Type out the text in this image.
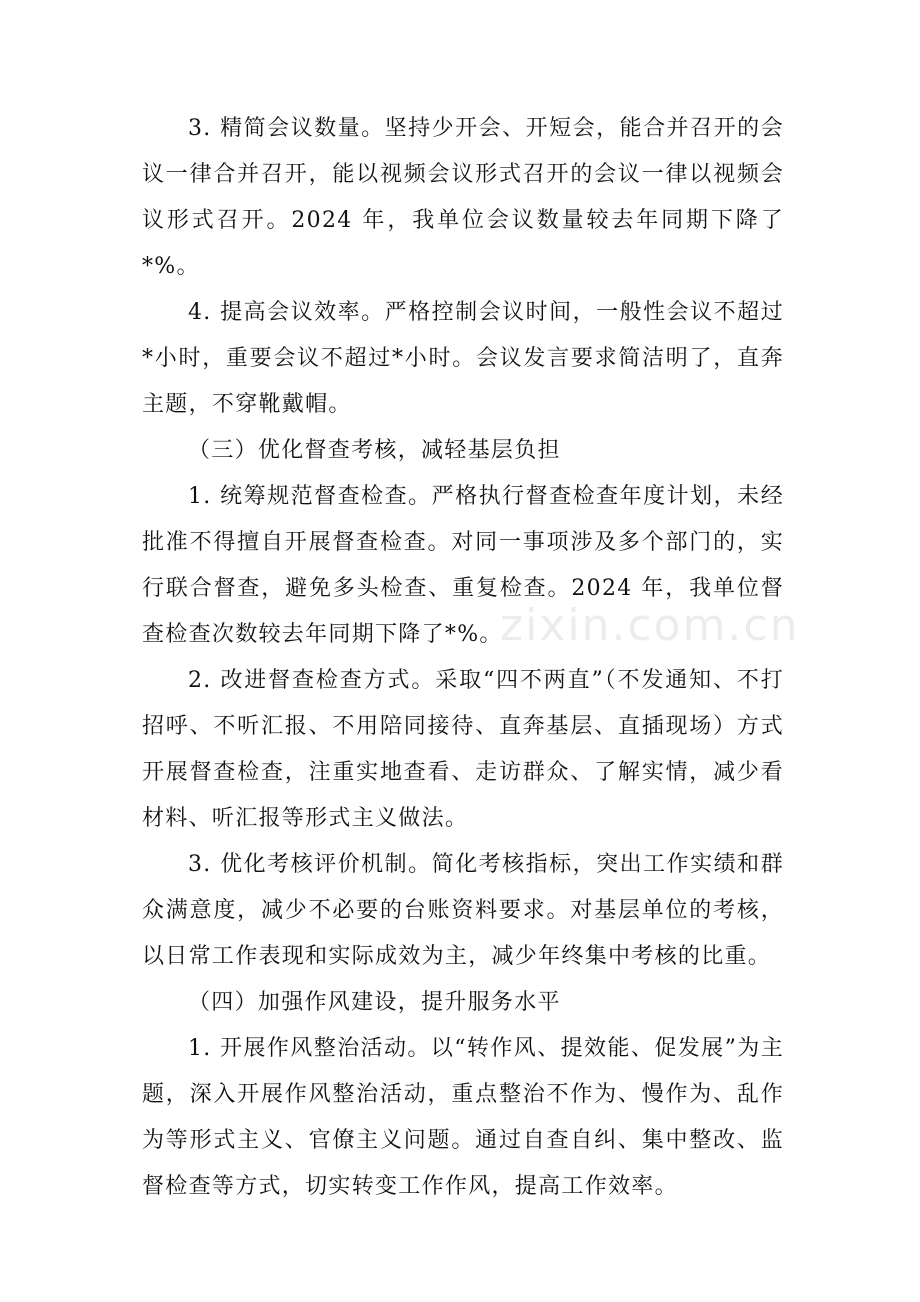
3. 精简会议数量。坚持少开会、开短会，能合并召开的会议一律合并召开，能以视频会议形式召开的会议一律以视频会议形式召开。2024 年，我单位会议数量较去年同期下降了*%。

4. 提高会议效率。严格控制会议时间，一般性会议不超过*小时，重要会议不超过*小时。会议发言要求简洁明了，直奔主题，不穿靴戴帽。

（三）优化督查考核，减轻基层负担

1. 统筹规范督查检查。严格执行督查检查年度计划，未经批准不得擅自开展督查检查。对同一事项涉及多个部门的，实行联合督查，避免多头检查、重复检查。2024 年，我单位督查检查次数较去年同期下降了*%。

2. 改进督查检查方式。采取“四不两直”（不发通知、不打招呼、不听汇报、不用陪同接待、直奔基层、直插现场）方式开展督查检查，注重实地查看、走访群众、了解实情，减少看材料、听汇报等形式主义做法。

3. 优化考核评价机制。简化考核指标，突出工作实绩和群众满意度，减少不必要的台账资料要求。对基层单位的考核，以日常工作表现和实际成效为主，减少年终集中考核的比重。

（四）加强作风建设，提升服务水平

1. 开展作风整治活动。以“转作风、提效能、促发展”为主题，深入开展作风整治活动，重点整治不作为、慢作为、乱作为等形式主义、官僚主义问题。通过自查自纠、集中整改、监督检查等方式，切实转变工作作风，提高工作效率。

zixin.com.cn
